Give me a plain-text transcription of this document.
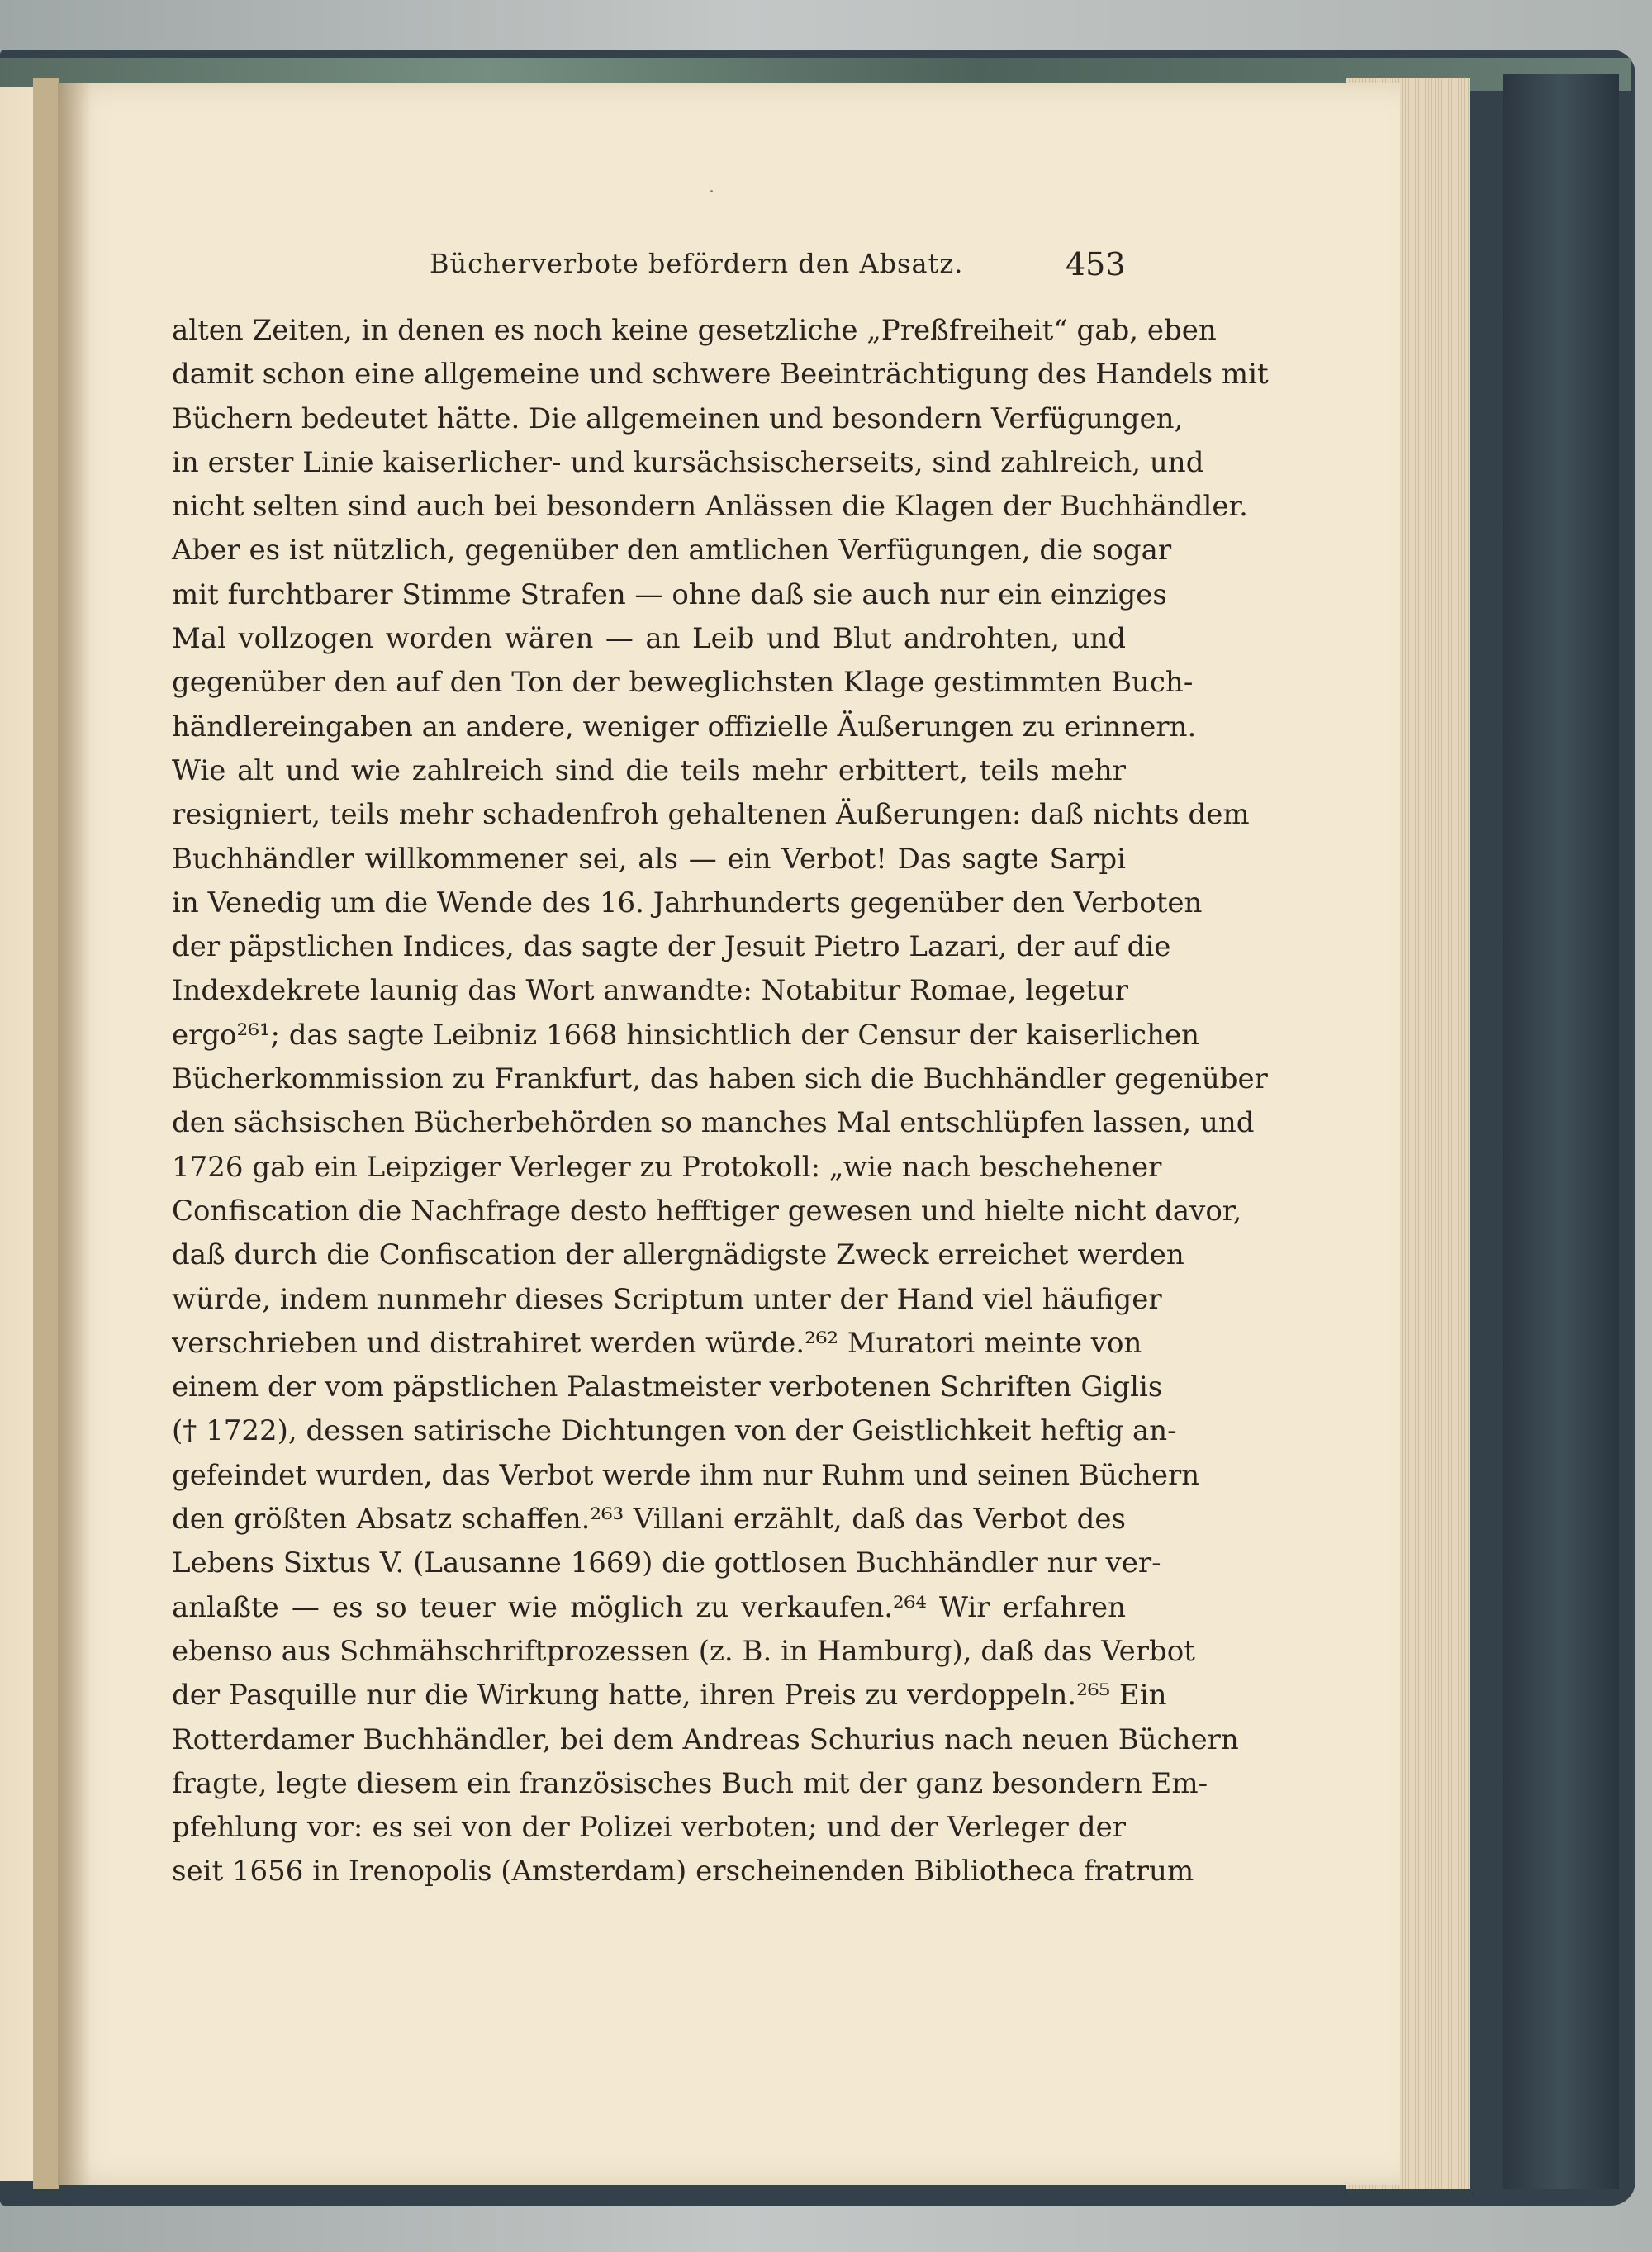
Bücherverbote befördern den Absatz.	453
alten Zeiten, in denen es noch keine gesetzliche „Preßfreiheit“ gab, eben
damit schon eine allgemeine und schwere Beeinträchtigung des Handels mit
Büchern bedeutet hätte. Die allgemeinen und besondern Verfügungen,
in erster Linie kaiserlicher- und kursächsischerseits, sind zahlreich, und
nicht selten sind auch bei besondern Anlässen die Klagen der Buchhändler.
Aber es ist nützlich, gegenüber den amtlichen Verfügungen, die sogar
mit furchtbarer Stimme Strafen — ohne daß sie auch nur ein einziges
Mal vollzogen worden wären — an Leib und Blut androhten, und
gegenüber den auf den Ton der beweglichsten Klage gestimmten Buch-
händlereingaben an andere, weniger offizielle Äußerungen zu erinnern.
Wie alt und wie zahlreich sind die teils mehr erbittert, teils mehr
resigniert, teils mehr schadenfroh gehaltenen Äußerungen: daß nichts dem
Buchhändler willkommener sei, als — ein Verbot! Das sagte Sarpi
in Venedig um die Wende des 16. Jahrhunderts gegenüber den Verboten
der päpstlichen Indices, das sagte der Jesuit Pietro Lazari, der auf die
Indexdekrete launig das Wort anwandte: Notabitur Romae, legetur
ergo²⁶¹; das sagte Leibniz 1668 hinsichtlich der Censur der kaiserlichen
Bücherkommission zu Frankfurt, das haben sich die Buchhändler gegenüber
den sächsischen Bücherbehörden so manches Mal entschlüpfen lassen, und
1726 gab ein Leipziger Verleger zu Protokoll: „wie nach beschehener
Confiscation die Nachfrage desto hefftiger gewesen und hielte nicht davor,
daß durch die Confiscation der allergnädigste Zweck erreichet werden
würde, indem nunmehr dieses Scriptum unter der Hand viel häufiger
verschrieben und distrahiret werden würde.²⁶² Muratori meinte von
einem der vom päpstlichen Palastmeister verbotenen Schriften Giglis
(† 1722), dessen satirische Dichtungen von der Geistlichkeit heftig an-
gefeindet wurden, das Verbot werde ihm nur Ruhm und seinen Büchern
den größten Absatz schaffen.²⁶³ Villani erzählt, daß das Verbot des
Lebens Sixtus V. (Lausanne 1669) die gottlosen Buchhändler nur ver-
anlaßte — es so teuer wie möglich zu verkaufen.²⁶⁴ Wir erfahren
ebenso aus Schmähschriftprozessen (z. B. in Hamburg), daß das Verbot
der Pasquille nur die Wirkung hatte, ihren Preis zu verdoppeln.²⁶⁵ Ein
Rotterdamer Buchhändler, bei dem Andreas Schurius nach neuen Büchern
fragte, legte diesem ein französisches Buch mit der ganz besondern Em-
pfehlung vor: es sei von der Polizei verboten; und der Verleger der
seit 1656 in Irenopolis (Amsterdam) erscheinenden Bibliotheca fratrum
